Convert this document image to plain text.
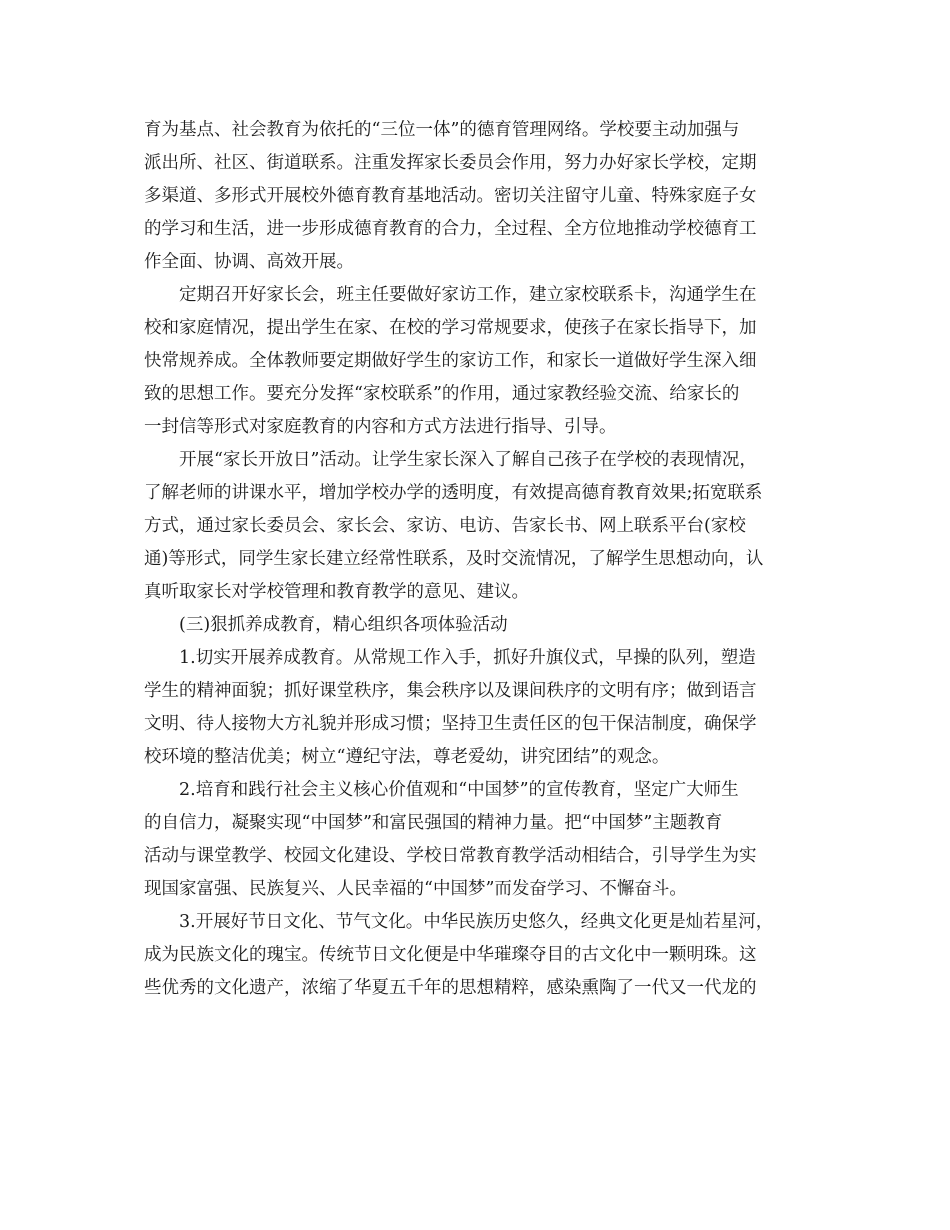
育为基点、社会教育为依托的“三位一体”的德育管理网络。学校要主动加强与
派出所、社区、街道联系。注重发挥家长委员会作用，努力办好家长学校，定期
多渠道、多形式开展校外德育教育基地活动。密切关注留守儿童、特殊家庭子女
的学习和生活，进一步形成德育教育的合力，全过程、全方位地推动学校德育工
作全面、协调、高效开展。

定期召开好家长会，班主任要做好家访工作，建立家校联系卡，沟通学生在
校和家庭情况，提出学生在家、在校的学习常规要求，使孩子在家长指导下，加
快常规养成。全体教师要定期做好学生的家访工作，和家长一道做好学生深入细
致的思想工作。要充分发挥“家校联系”的作用，通过家教经验交流、给家长的
一封信等形式对家庭教育的内容和方式方法进行指导、引导。

开展“家长开放日”活动。让学生家长深入了解自己孩子在学校的表现情况，
了解老师的讲课水平，增加学校办学的透明度，有效提高德育教育效果;拓宽联系
方式，通过家长委员会、家长会、家访、电访、告家长书、网上联系平台(家校
通)等形式，同学生家长建立经常性联系，及时交流情况，了解学生思想动向，认
真听取家长对学校管理和教育教学的意见、建议。

(三)狠抓养成教育，精心组织各项体验活动

1.切实开展养成教育。从常规工作入手，抓好升旗仪式，早操的队列，塑造
学生的精神面貌；抓好课堂秩序，集会秩序以及课间秩序的文明有序；做到语言
文明、待人接物大方礼貌并形成习惯；坚持卫生责任区的包干保洁制度，确保学
校环境的整洁优美；树立“遵纪守法，尊老爱幼，讲究团结”的观念。

2.培育和践行社会主义核心价值观和“中国梦”的宣传教育，坚定广大师生
的自信力，凝聚实现“中国梦”和富民强国的精神力量。把“中国梦”主题教育
活动与课堂教学、校园文化建设、学校日常教育教学活动相结合，引导学生为实
现国家富强、民族复兴、人民幸福的“中国梦”而发奋学习、不懈奋斗。

3.开展好节日文化、节气文化。中华民族历史悠久，经典文化更是灿若星河，
成为民族文化的瑰宝。传统节日文化便是中华璀璨夺目的古文化中一颗明珠。这
些优秀的文化遗产，浓缩了华夏五千年的思想精粹，感染熏陶了一代又一代龙的
